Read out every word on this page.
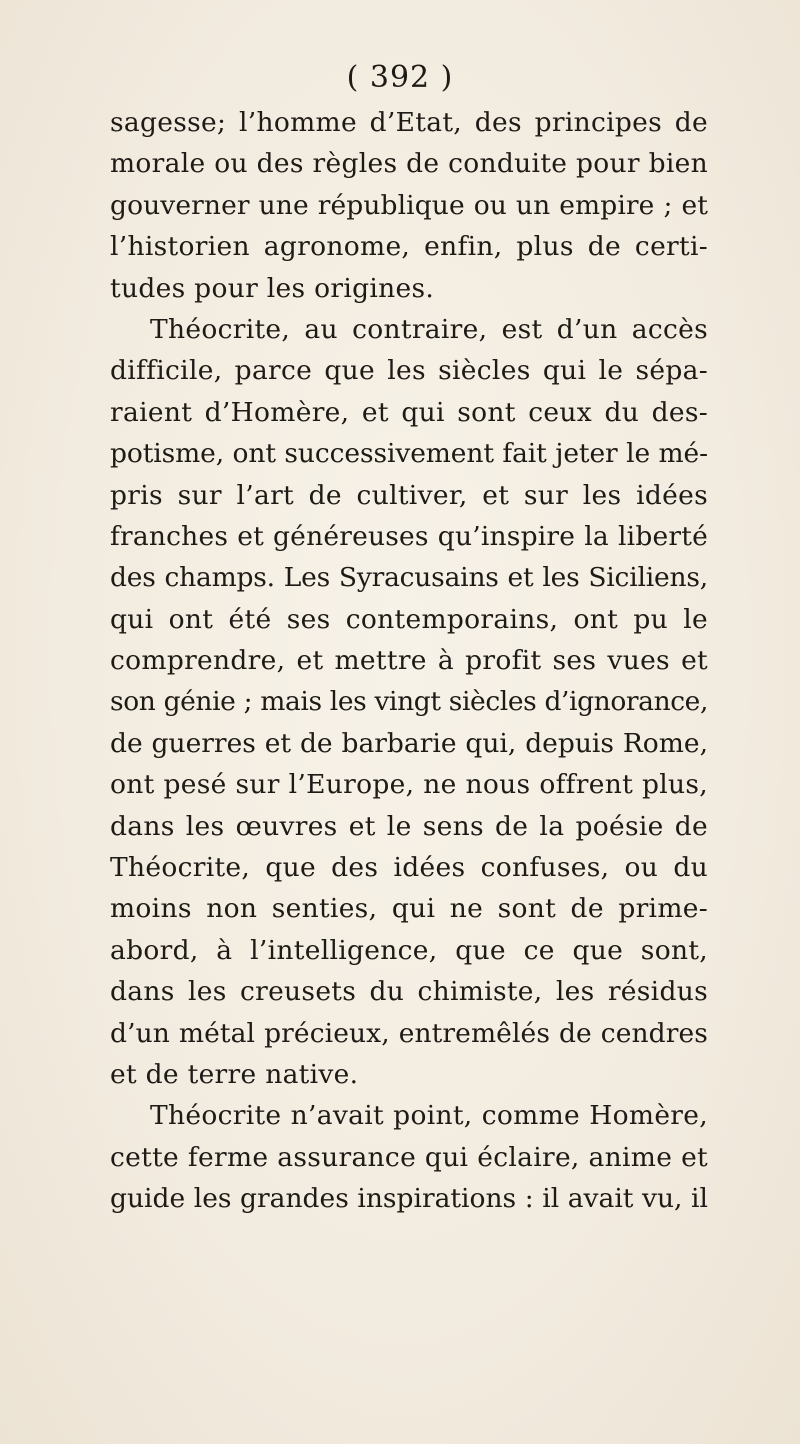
( 392 )
sagesse; l’homme d’Etat, des principes de
morale ou des règles de conduite pour bien
gouverner une république ou un empire ; et
l’historien agronome, enfin, plus de certi-
tudes pour les origines.
Théocrite, au contraire, est d’un accès
difficile, parce que les siècles qui le sépa-
raient d’Homère, et qui sont ceux du des-
potisme, ont successivement fait jeter le mé-
pris sur l’art de cultiver, et sur les idées
franches et généreuses qu’inspire la liberté
des champs. Les Syracusains et les Siciliens,
qui ont été ses contemporains, ont pu le
comprendre, et mettre à profit ses vues et
son génie ; mais les vingt siècles d’ignorance,
de guerres et de barbarie qui, depuis Rome,
ont pesé sur l’Europe, ne nous offrent plus,
dans les œuvres et le sens de la poésie de
Théocrite, que des idées confuses, ou du
moins non senties, qui ne sont de prime-
abord, à l’intelligence, que ce que sont,
dans les creusets du chimiste, les résidus
d’un métal précieux, entremêlés de cendres
et de terre native.
Théocrite n’avait point, comme Homère,
cette ferme assurance qui éclaire, anime et
guide les grandes inspirations : il avait vu, il
